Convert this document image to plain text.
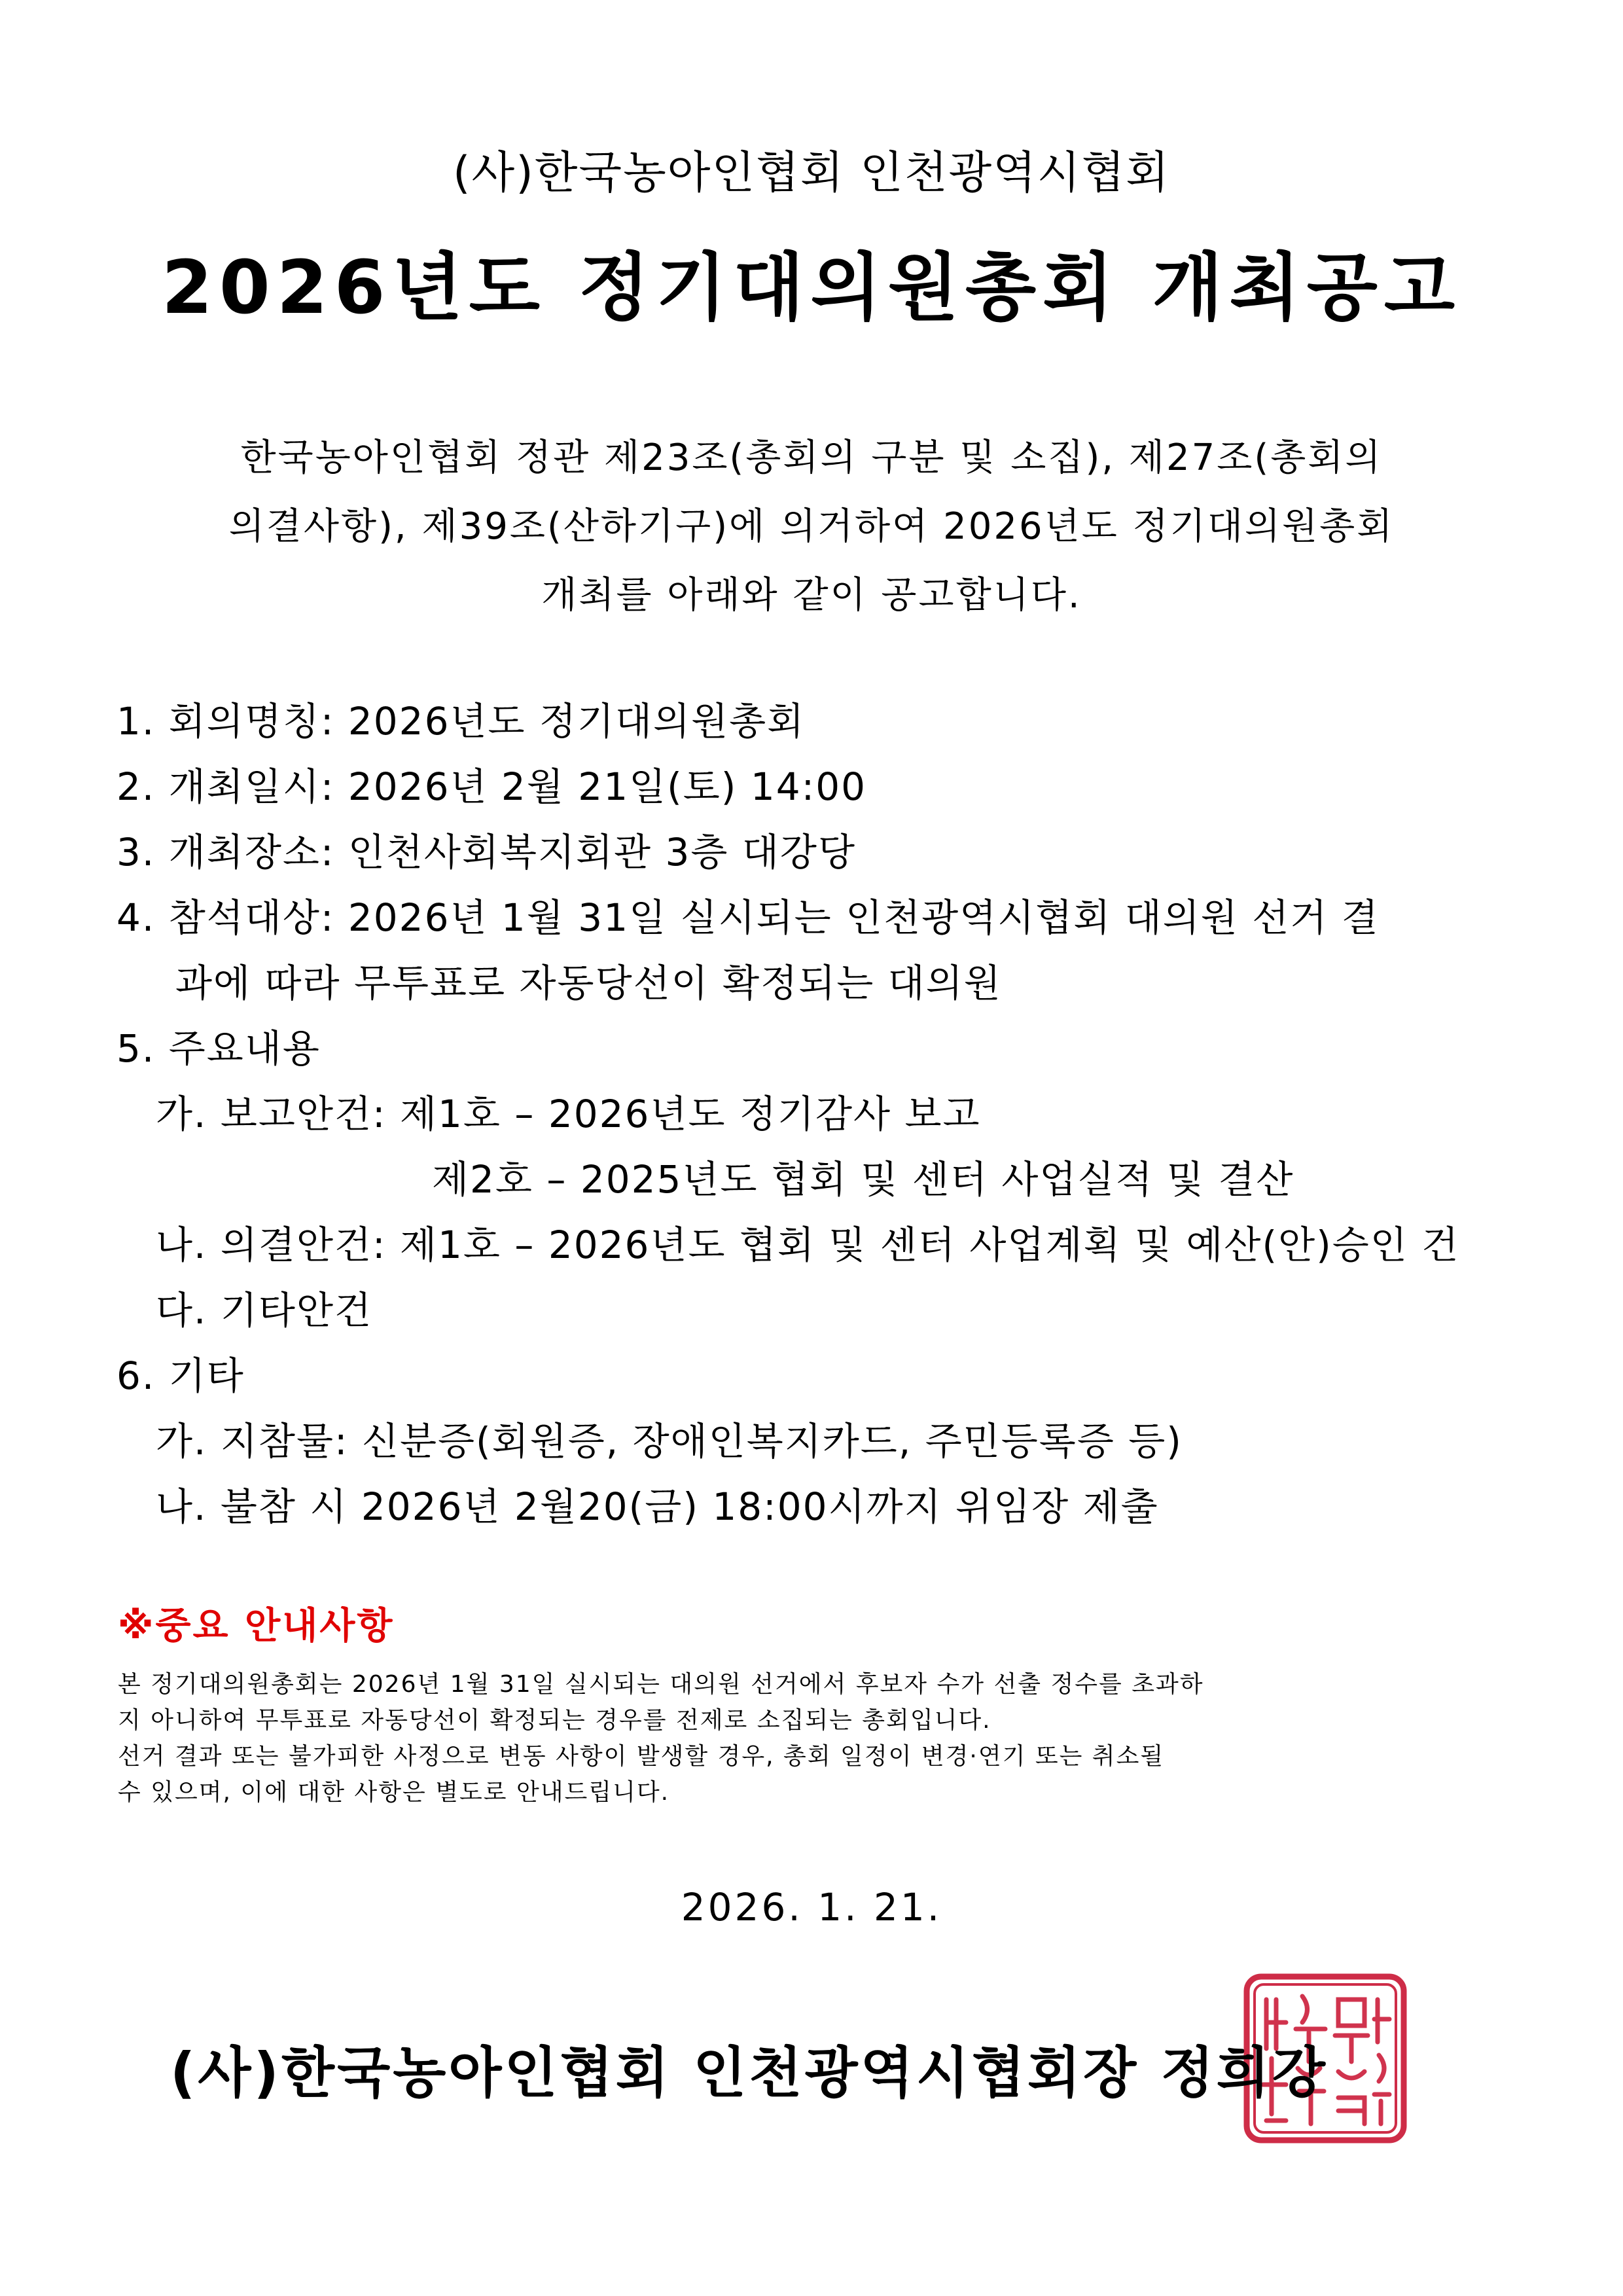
(사)한국농아인협회 인천광역시협회
2026년도 정기대의원총회 개최공고
한국농아인협회 정관 제23조(총회의 구분 및 소집), 제27조(총회의
의결사항), 제39조(산하기구)에 의거하여 2026년도 정기대의원총회
개최를 아래와 같이 공고합니다.
1. 회의명칭: 2026년도 정기대의원총회
2. 개최일시: 2026년 2월 21일(토) 14:00
3. 개최장소: 인천사회복지회관 3층 대강당
4. 참석대상: 2026년 1월 31일 실시되는 인천광역시협회 대의원 선거 결
과에 따라 무투표로 자동당선이 확정되는 대의원
5. 주요내용
가. 보고안건: 제1호 – 2026년도 정기감사 보고
제2호 – 2025년도 협회 및 센터 사업실적 및 결산
나. 의결안건: 제1호 – 2026년도 협회 및 센터 사업계획 및 예산(안)승인 건
다. 기타안건
6. 기타
가. 지참물: 신분증(회원증, 장애인복지카드, 주민등록증 등)
나. 불참 시 2026년 2월20(금) 18:00시까지 위임장 제출
※중요 안내사항
본 정기대의원총회는 2026년 1월 31일 실시되는 대의원 선거에서 후보자 수가 선출 정수를 초과하
지 아니하여 무투표로 자동당선이 확정되는 경우를 전제로 소집되는 총회입니다.
선거 결과 또는 불가피한 사정으로 변동 사항이 발생할 경우, 총회 일정이 변경·연기 또는 취소될
수 있으며, 이에 대한 사항은 별도로 안내드립니다.
2026. 1. 21.
(사)한국농아인협회 인천광역시협회장 정희강
